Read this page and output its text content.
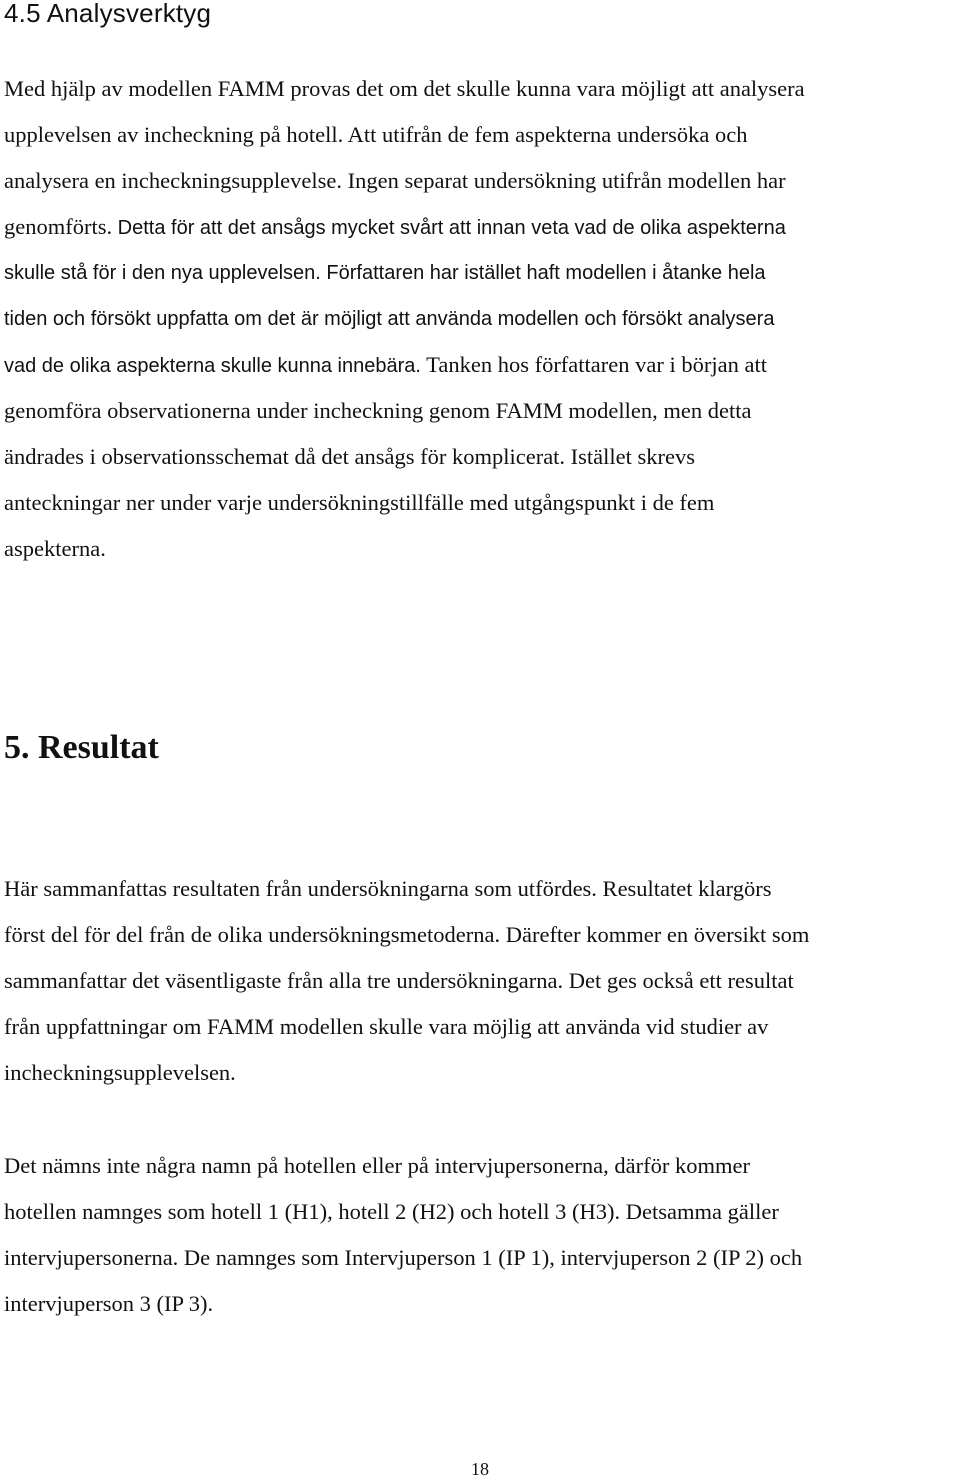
4.5 Analysverktyg
Med hjälp av modellen FAMM provas det om det skulle kunna vara möjligt att analysera
upplevelsen av incheckning på hotell. Att utifrån de fem aspekterna undersöka och
analysera en incheckningsupplevelse. Ingen separat undersökning utifrån modellen har
genomförts. Detta för att det ansågs mycket svårt att innan veta vad de olika aspekterna
skulle stå för i den nya upplevelsen. Författaren har istället haft modellen i åtanke hela
tiden och försökt uppfatta om det är möjligt att använda modellen och försökt analysera
vad de olika aspekterna skulle kunna innebära. Tanken hos författaren var i början att
genomföra observationerna under incheckning genom FAMM modellen, men detta
ändrades i observationsschemat då det ansågs för komplicerat. Istället skrevs
anteckningar ner under varje undersökningstillfälle med utgångspunkt i de fem
aspekterna.
5. Resultat
Här sammanfattas resultaten från undersökningarna som utfördes. Resultatet klargörs
först del för del från de olika undersökningsmetoderna. Därefter kommer en översikt som
sammanfattar det väsentligaste från alla tre undersökningarna. Det ges också ett resultat
från uppfattningar om FAMM modellen skulle vara möjlig att använda vid studier av
incheckningsupplevelsen.
Det nämns inte några namn på hotellen eller på intervjupersonerna, därför kommer
hotellen namnges som hotell 1 (H1), hotell 2 (H2) och hotell 3 (H3). Detsamma gäller
intervjupersonerna. De namnges som Intervjuperson 1 (IP 1), intervjuperson 2 (IP 2) och
intervjuperson 3 (IP 3).
18
